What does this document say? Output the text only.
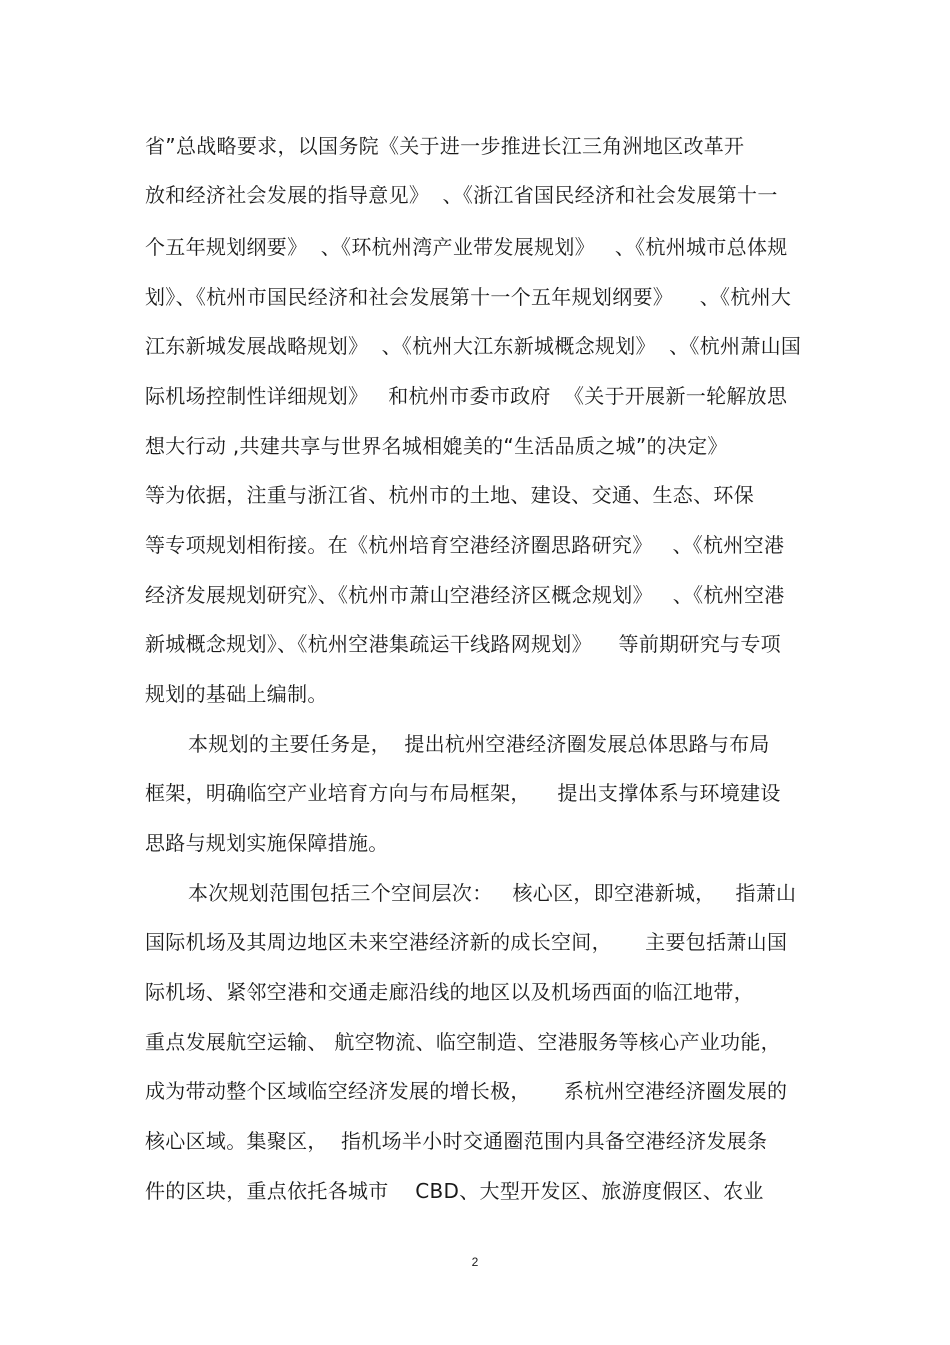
省”总战略要求，以国务院《关于进一步推进长江三角洲地区改革开
放和经济社会发展的指导意见》  、《浙江省国民经济和社会发展第十一
个五年规划纲要》  、《环杭州湾产业带发展规划》   、《杭州城市总体规
划》、《杭州市国民经济和社会发展第十一个五年规划纲要》    、《杭州大
江东新城发展战略规划》  、《杭州大江东新城概念规划》  、《杭州萧山国
际机场控制性详细规划》   和杭州市委市政府  《关于开展新一轮解放思
想大行动 ,共建共享与世界名城相媲美的“生活品质之城”的决定》
等为依据，注重与浙江省、杭州市的土地、建设、交通、生态、环保
等专项规划相衔接。在《杭州培育空港经济圈思路研究》   、《杭州空港
经济发展规划研究》、《杭州市萧山空港经济区概念规划》   、《杭州空港
新城概念规划》、《杭州空港集疏运干线路网规划》    等前期研究与专项
规划的基础上编制。
本规划的主要任务是，  提出杭州空港经济圈发展总体思路与布局
框架，明确临空产业培育方向与布局框架，    提出支撑体系与环境建设
思路与规划实施保障措施。
本次规划范围包括三个空间层次：   核心区，即空港新城，   指萧山
国际机场及其周边地区未来空港经济新的成长空间，     主要包括萧山国
际机场、紧邻空港和交通走廊沿线的地区以及机场西面的临江地带，
重点发展航空运输、 航空物流、临空制造、空港服务等核心产业功能，
成为带动整个区域临空经济发展的增长极，     系杭州空港经济圈发展的
核心区域。集聚区，  指机场半小时交通圈范围内具备空港经济发展条
件的区块，重点依托各城市    CBD、大型开发区、旅游度假区、农业
2
